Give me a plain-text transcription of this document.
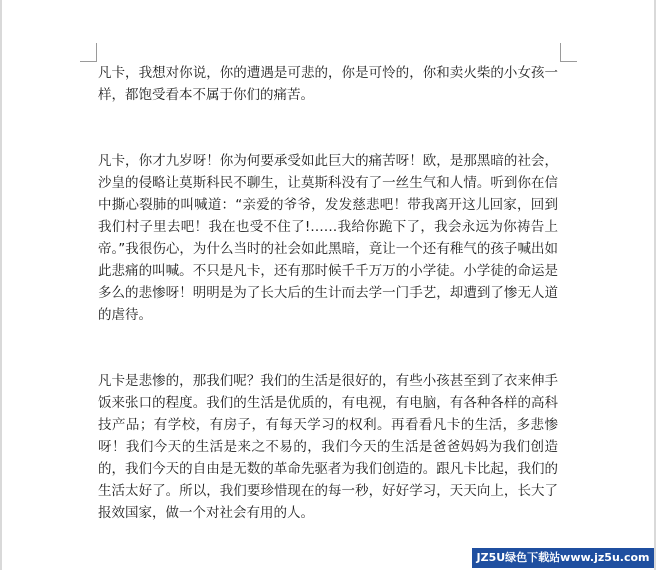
凡卡，我想对你说，你的遭遇是可悲的，你是可怜的，你和卖火柴的小女孩一样，都饱受看本不属于你们的痛苦。

凡卡，你才九岁呀！你为何要承受如此巨大的痛苦呀！欧，是那黑暗的社会，沙皇的侵略让莫斯科民不聊生，让莫斯科没有了一丝生气和人情。听到你在信中撕心裂肺的叫喊道：“亲爱的爷爷，发发慈悲吧！带我离开这儿回家，回到我们村子里去吧！我在也受不住了!……我给你跪下了，我会永远为你祷告上帝。”我很伤心，为什么当时的社会如此黑暗，竟让一个还有稚气的孩子喊出如此悲痛的叫喊。不只是凡卡，还有那时候千千万万的小学徒。小学徒的命运是多么的悲惨呀！明明是为了长大后的生计而去学一门手艺，却遭到了惨无人道的虐待。

凡卡是悲惨的，那我们呢？我们的生活是很好的，有些小孩甚至到了衣来伸手饭来张口的程度。我们的生活是优质的，有电视，有电脑，有各种各样的高科技产品；有学校，有房子，有每天学习的权利。再看看凡卡的生活，多悲惨呀！我们今天的生活是来之不易的，我们今天的生活是爸爸妈妈为我们创造的，我们今天的自由是无数的革命先驱者为我们创造的。跟凡卡比起，我们的生活太好了。所以，我们要珍惜现在的每一秒，好好学习，天天向上，长大了报效国家，做一个对社会有用的人。

JZ5U绿色下载站www.jz5u.com
